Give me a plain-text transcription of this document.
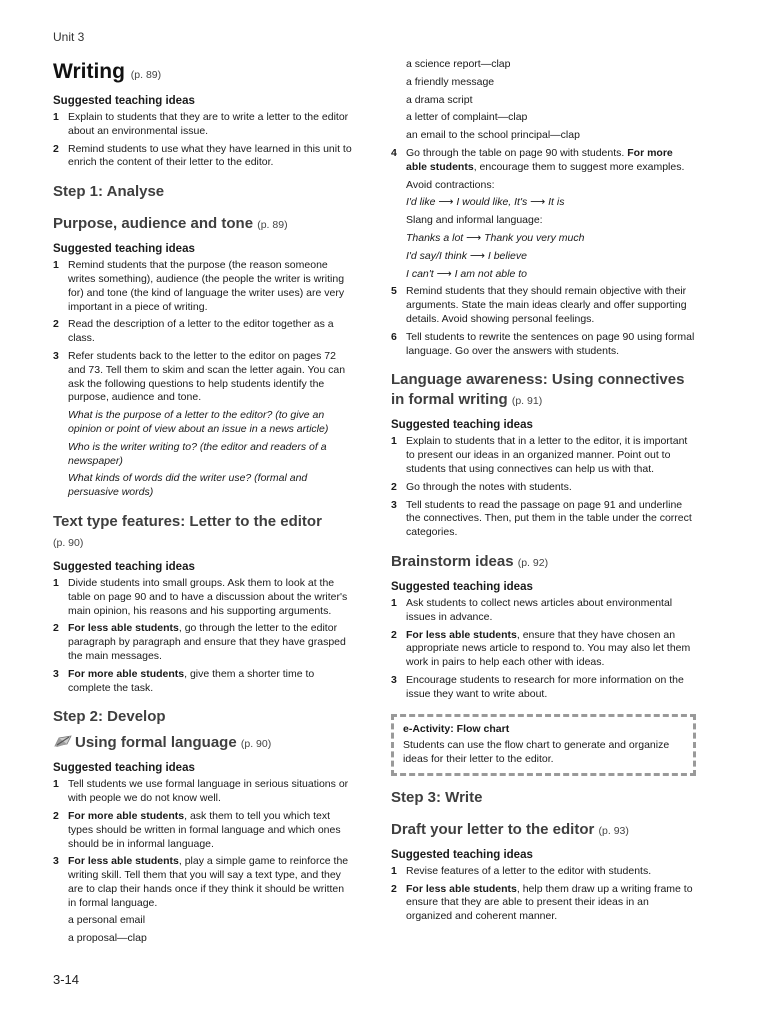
Unit 3
Writing (p. 89)
Suggested teaching ideas
1 Explain to students that they are to write a letter to the editor about an environmental issue.
2 Remind students to use what they have learned in this unit to enrich the content of their letter to the editor.
Step 1: Analyse
Purpose, audience and tone (p. 89)
Suggested teaching ideas
1 Remind students that the purpose (the reason someone writes something), audience (the people the writer is writing for) and tone (the kind of language the writer uses) are very important in a piece of writing.
2 Read the description of a letter to the editor together as a class.
3 Refer students back to the letter to the editor on pages 72 and 73. Tell them to skim and scan the letter again. You can ask the following questions to help students identify the purpose, audience and tone.
What is the purpose of a letter to the editor? (to give an opinion or point of view about an issue in a news article)
Who is the writer writing to? (the editor and readers of a newspaper)
What kinds of words did the writer use? (formal and persuasive words)
Text type features: Letter to the editor
(p. 90)
Suggested teaching ideas
1 Divide students into small groups. Ask them to look at the table on page 90 and to have a discussion about the writer's main opinion, his reasons and his supporting arguments.
2 For less able students, go through the letter to the editor paragraph by paragraph and ensure that they have grasped the main messages.
3 For more able students, give them a shorter time to complete the task.
Step 2: Develop
Using formal language (p. 90)
Suggested teaching ideas
1 Tell students we use formal language in serious situations or with people we do not know well.
2 For more able students, ask them to tell you which text types should be written in formal language and which ones should be in informal language.
3 For less able students, play a simple game to reinforce the writing skill. Tell them that you will say a text type, and they are to clap their hands once if they think it should be written in formal language.
a personal email
a proposal—clap
a science report—clap
a friendly message
a drama script
a letter of complaint—clap
an email to the school principal—clap
4 Go through the table on page 90 with students. For more able students, encourage them to suggest more examples.
Avoid contractions:
I'd like ⟶ I would like, It's ⟶ It is
Slang and informal language:
Thanks a lot ⟶ Thank you very much
I'd say/I think ⟶ I believe
I can't ⟶ I am not able to
5 Remind students that they should remain objective with their arguments. State the main ideas clearly and offer supporting details. Avoid showing personal feelings.
6 Tell students to rewrite the sentences on page 90 using formal language. Go over the answers with students.
Language awareness: Using connectives in formal writing (p. 91)
Suggested teaching ideas
1 Explain to students that in a letter to the editor, it is important to present our ideas in an organized manner. Point out to students that using connectives can help us with that.
2 Go through the notes with students.
3 Tell students to read the passage on page 91 and underline the connectives. Then, put them in the table under the correct categories.
Brainstorm ideas (p. 92)
Suggested teaching ideas
1 Ask students to collect news articles about environmental issues in advance.
2 For less able students, ensure that they have chosen an appropriate news article to respond to. You may also let them work in pairs to help each other with ideas.
3 Encourage students to research for more information on the issue they want to write about.
e-Activity: Flow chart
Students can use the flow chart to generate and organize ideas for their letter to the editor.
Step 3: Write
Draft your letter to the editor (p. 93)
Suggested teaching ideas
1 Revise features of a letter to the editor with students.
2 For less able students, help them draw up a writing frame to ensure that they are able to present their ideas in an organized and coherent manner.
3-14
